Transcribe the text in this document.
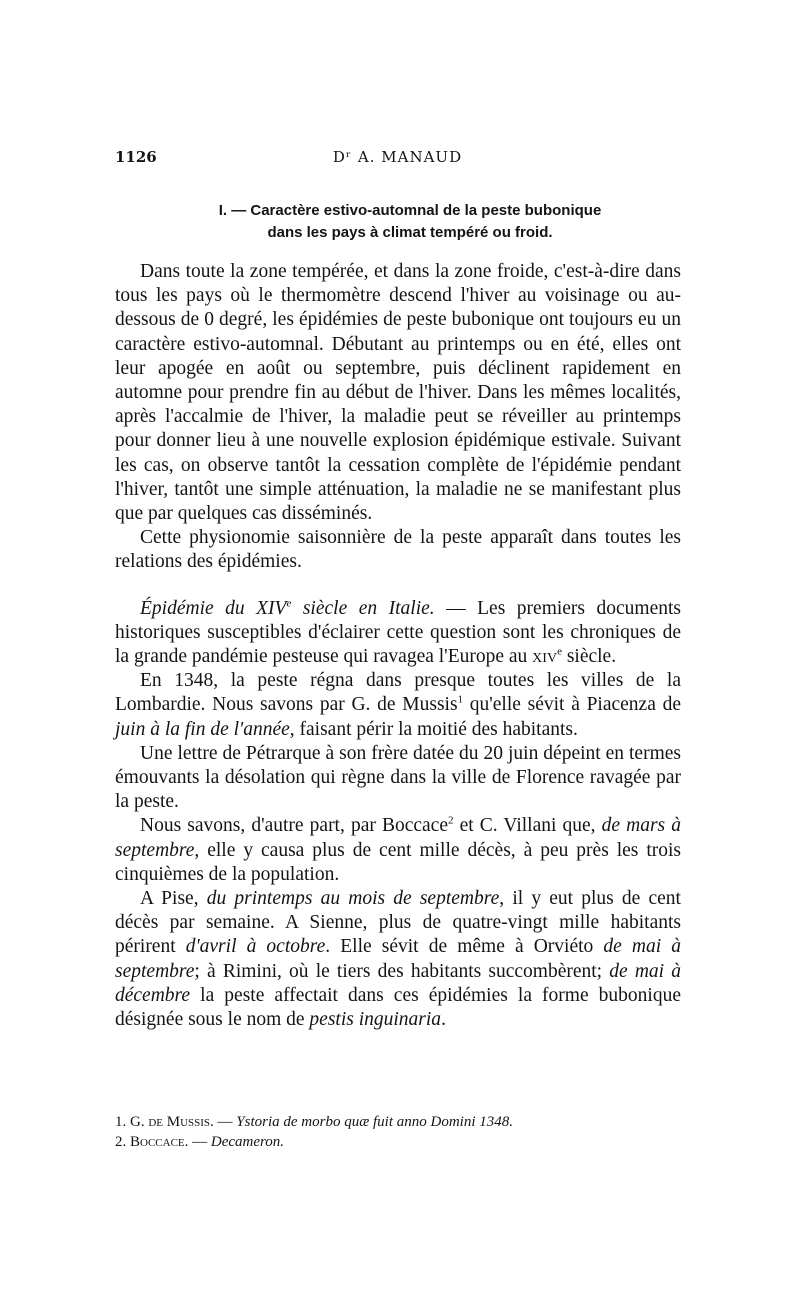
1126	Dʳ A. MANAUD
I. — Caractère estivo-automnal de la peste bubonique
dans les pays à climat tempéré ou froid.

Dans toute la zone tempérée, et dans la zone froide, c'est-à-dire dans tous les pays où le thermomètre descend l'hiver au voisinage ou au-dessous de 0 degré, les épidémies de peste bubonique ont toujours eu un caractère estivo-automnal. Débutant au printemps ou en été, elles ont leur apogée en août ou septembre, puis déclinent rapidement en automne pour prendre fin au début de l'hiver. Dans les mêmes localités, après l'accalmie de l'hiver, la maladie peut se réveiller au printemps pour donner lieu à une nouvelle explosion épidémique estivale. Suivant les cas, on observe tantôt la cessation complète de l'épidémie pendant l'hiver, tantôt une simple atténuation, la maladie ne se manifestant plus que par quelques cas disséminés.

Cette physionomie saisonnière de la peste apparaît dans toutes les relations des épidémies.

Épidémie du XIVe siècle en Italie. — Les premiers documents historiques susceptibles d'éclairer cette question sont les chroniques de la grande pandémie pesteuse qui ravagea l'Europe au xiv$^e$ siècle.

En 1348, la peste régna dans presque toutes les villes de la Lombardie. Nous savons par G. de Mussis$^1$ qu'elle sévit à Piacenza de juin à la fin de l'année, faisant périr la moitié des habitants.

Une lettre de Pétrarque à son frère datée du 20 juin dépeint en termes émouvants la désolation qui règne dans la ville de Florence ravagée par la peste.

Nous savons, d'autre part, par Boccace$^2$ et C. Villani que, de mars à septembre, elle y causa plus de cent mille décès, à peu près les trois cinquièmes de la population.

A Pise, du printemps au mois de septembre, il y eut plus de cent décès par semaine. A Sienne, plus de quatre-vingt mille habitants périrent d'avril à octobre. Elle sévit de même à Orviéto de mai à septembre; à Rimini, où le tiers des habitants succombèrent; de mai à décembre la peste affectait dans ces épidémies la forme bubonique désignée sous le nom de pestis inguinaria.

1. G. de Mussis. — Ystoria de morbo quæ fuit anno Domini 1348.
2. Boccace. — Decameron.
